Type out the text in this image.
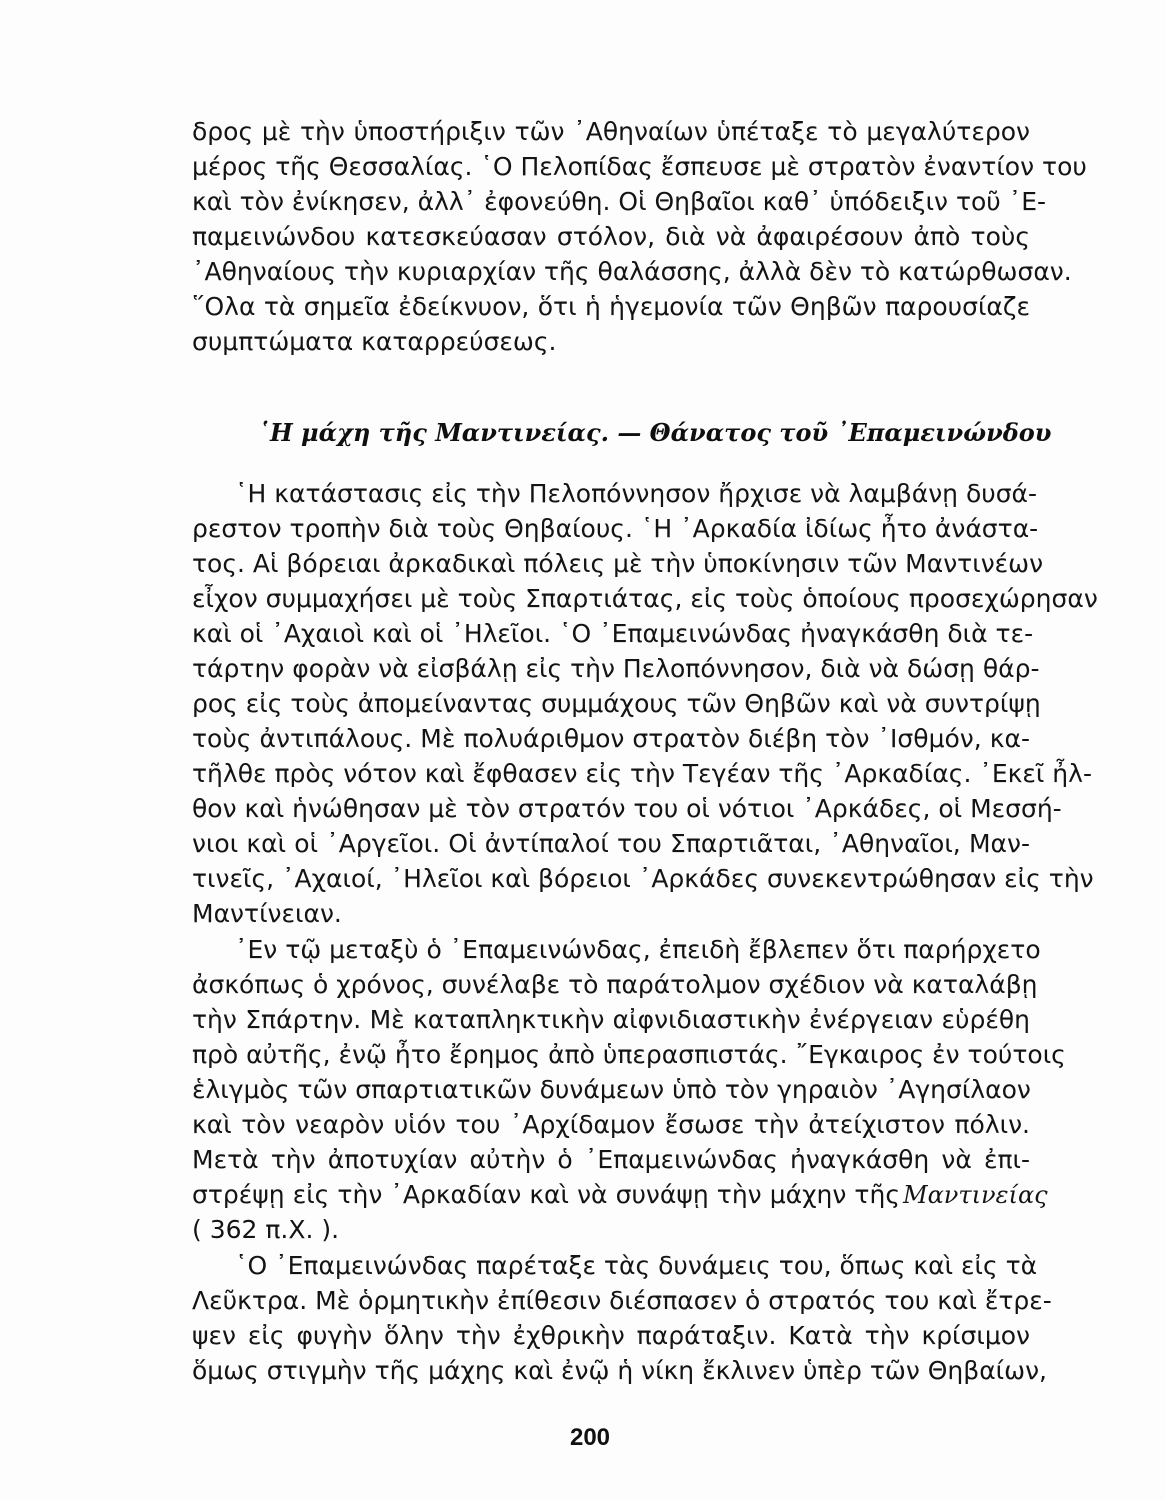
δρος μὲ τὴν ὑποστήριξιν τῶν ᾽Αθηναίων ὑπέταξε τὸ μεγαλύτερον
μέρος τῆς Θεσσαλίας. ῾Ο Πελοπίδας ἔσπευσε μὲ στρατὸν ἐναντίον του
καὶ τὸν ἐνίκησεν, ἀλλ᾽ ἐφονεύθη. Οἱ Θηβαῖοι καθ᾽ ὑπόδειξιν τοῦ ᾽Ε-
παμεινώνδου κατεσκεύασαν στόλον, διὰ νὰ ἀφαιρέσουν ἀπὸ τοὺς
᾽Αθηναίους τὴν κυριαρχίαν τῆς θαλάσσης, ἀλλὰ δὲν τὸ κατώρθωσαν.
῞Ολα τὰ σημεῖα ἐδείκνυον, ὅτι ἡ ἡγεμονία τῶν Θηβῶν παρουσίαζε
συμπτώματα καταρρεύσεως.
῾Η μάχη τῆς Μαντινείας. — Θάνατος τοῦ ᾽Επαμεινώνδου
῾Η κατάστασις εἰς τὴν Πελοπόννησον ἤρχισε νὰ λαμβάνῃ δυσά-
ρεστον τροπὴν διὰ τοὺς Θηβαίους. ῾Η ᾽Αρκαδία ἰδίως ἦτο ἀνάστα-
τος. Αἱ βόρειαι ἀρκαδικαὶ πόλεις μὲ τὴν ὑποκίνησιν τῶν Μαντινέων
εἶχον συμμαχήσει μὲ τοὺς Σπαρτιάτας, εἰς τοὺς ὁποίους προσεχώρησαν
καὶ οἱ ᾽Αχαιοὶ καὶ οἱ ᾽Ηλεῖοι. ῾Ο ᾽Επαμεινώνδας ἠναγκάσθη διὰ τε-
τάρτην φορὰν νὰ εἰσβάλῃ εἰς τὴν Πελοπόννησον, διὰ νὰ δώσῃ θάρ-
ρος εἰς τοὺς ἀπομείναντας συμμάχους τῶν Θηβῶν καὶ νὰ συντρίψῃ
τοὺς ἀντιπάλους. Μὲ πολυάριθμον στρατὸν διέβη τὸν ᾽Ισθμόν, κα-
τῆλθε πρὸς νότον καὶ ἔφθασεν εἰς τὴν Τεγέαν τῆς ᾽Αρκαδίας. ᾽Εκεῖ ἦλ-
θον καὶ ἡνώθησαν μὲ τὸν στρατόν του οἱ νότιοι ᾽Αρκάδες, οἱ Μεσσή-
νιοι καὶ οἱ ᾽Αργεῖοι. Οἱ ἀντίπαλοί του Σπαρτιᾶται, ᾽Αθηναῖοι, Μαν-
τινεῖς, ᾽Αχαιοί, ᾽Ηλεῖοι καὶ βόρειοι ᾽Αρκάδες συνεκεντρώθησαν εἰς τὴν
Μαντίνειαν.
᾽Εν τῷ μεταξὺ ὁ ᾽Επαμεινώνδας, ἐπειδὴ ἔβλεπεν ὅτι παρήρχετο
ἀσκόπως ὁ χρόνος, συνέλαβε τὸ παράτολμον σχέδιον νὰ καταλάβῃ
τὴν Σπάρτην. Μὲ καταπληκτικὴν αἰφνιδιαστικὴν ἐνέργειαν εὑρέθη
πρὸ αὐτῆς, ἐνῷ ἦτο ἔρημος ἀπὸ ὑπερασπιστάς. ῎Εγκαιρος ἐν τούτοις
ἑλιγμὸς τῶν σπαρτιατικῶν δυνάμεων ὑπὸ τὸν γηραιὸν ᾽Αγησίλαον
καὶ τὸν νεαρὸν υἱόν του ᾽Αρχίδαμον ἔσωσε τὴν ἀτείχιστον πόλιν.
Μετὰ τὴν ἀποτυχίαν αὐτὴν ὁ ᾽Επαμεινώνδας ἠναγκάσθη νὰ ἐπι-
στρέψῃ εἰς τὴν ᾽Αρκαδίαν καὶ νὰ συνάψῃ τὴν μάχην τῆς Μαντινείας
( 362 π.Χ. ).
῾Ο ᾽Επαμεινώνδας παρέταξε τὰς δυνάμεις του, ὅπως καὶ εἰς τὰ
Λεῦκτρα. Μὲ ὁρμητικὴν ἐπίθεσιν διέσπασεν ὁ στρατός του καὶ ἔτρε-
ψεν εἰς φυγὴν ὅλην τὴν ἐχθρικὴν παράταξιν. Κατὰ τὴν κρίσιμον
ὅμως στιγμὴν τῆς μάχης καὶ ἐνῷ ἡ νίκη ἔκλινεν ὑπὲρ τῶν Θηβαίων,
200
